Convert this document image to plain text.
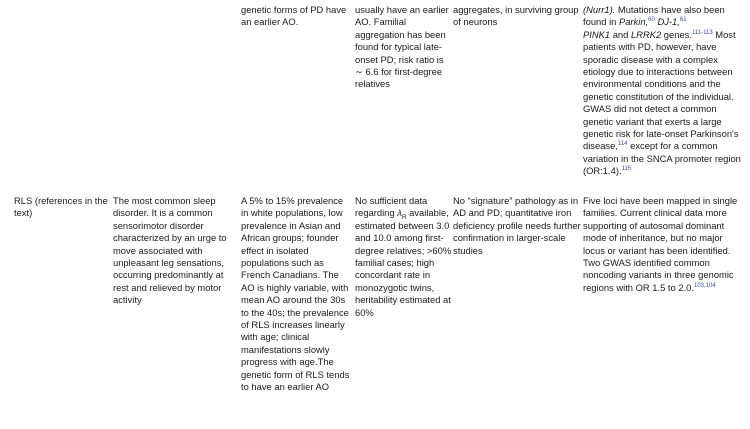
genetic forms of PD have an earlier AO.
usually have an earlier AO. Familial aggregation has been found for typical late-onset PD; risk ratio is ∼ 6.6 for first-degree relatives
aggregates, in surviving group of neurons
(Nurr1). Mutations have also been found in Parkin,$^{60}$ DJ-1,61
PINK1 and LRRK2 genes.$^{111-113}$ Most patients with PD, however, have sporadic disease with a complex etiology due to interactions between environmental conditions and the genetic constitution of the individual. GWAS did not detect a common genetic variant that exerts a large genetic risk for late-onset Parkinson's disease,$^{114}$ except for a common variation in the SNCA promoter region (OR:1.4).$^{115}$
RLS (references in the text)
The most common sleep disorder. It is a common sensorimotor disorder characterized by an urge to move associated with unpleasant leg sensations, occurring predominantly at rest and relieved by motor activity
A 5% to 15% prevalence in white populations, low prevalence in Asian and African groups; founder effect in isolated populations such as French Canadians. The AO is highly variable, with mean AO around the 30s to the 40s; the prevalence of RLS increases linearly with age; clinical manifestations slowly progress with age.The genetic form of RLS tends to have an earlier AO
No sufficient data regarding $\lambda_R$ available, estimated between 3.0 and 10.0 among first-degree relatives; >60% familial cases; high concordant rate in monozygotic twins, heritability estimated at 60%
No “signature” pathology as in AD and PD; quantitative iron deficiency profile needs further confirmation in larger-scale studies
Five loci have been mapped in single families. Current clinical data more supporting of autosomal dominant mode of inheritance, but no major locus or variant has been identified. Two GWAS identified common noncoding variants in three genomic regions with OR 1.5 to 2.0.$^{103,104}$
